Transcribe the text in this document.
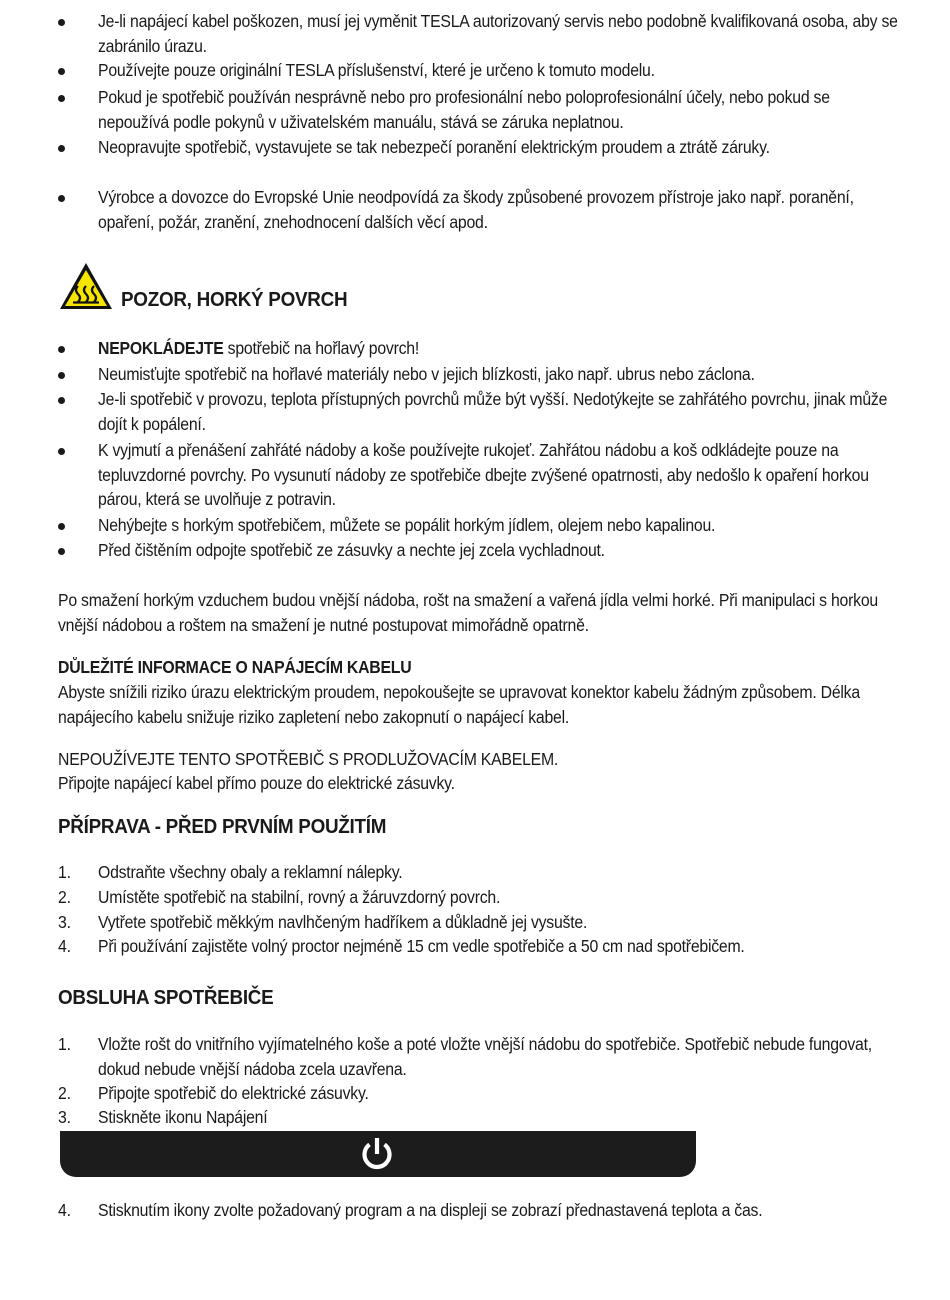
Je-li napájecí kabel poškozen, musí jej vyměnit TESLA autorizovaný servis nebo podobně kvalifikovaná osoba, aby se zabránilo úrazu.
Používejte pouze originální TESLA příslušenství, které je určeno k tomuto modelu.
Pokud je spotřebič používán nesprávně nebo pro profesionální nebo poloprofesionální účely, nebo pokud se nepoužívá podle pokynů v uživatelském manuálu, stává se záruka neplatnou.
Neopravujte spotřebič, vystavujete se tak nebezpečí poranění elektrickým proudem a ztrátě záruky.
Výrobce a dovozce do Evropské Unie neodpovídá za škody způsobené provozem přístroje jako např. poranění, opaření, požár, zranění, znehodnocení dalších věcí apod.
POZOR, HORKÝ POVRCH
NEPOKLÁDEJTE spotřebič na hořlavý povrch!
Neumisťujte spotřebič na hořlavé materiály nebo v jejich blízkosti, jako např. ubrus nebo záclona.
Je-li spotřebič v provozu, teplota přístupných povrchů může být vyšší. Nedotýkejte se zahřátého povrchu, jinak může dojít k popálení.
K vyjmutí a přenášení zahřáté nádoby a koše používejte rukojeť. Zahřátou nádobu a koš odkládejte pouze na tepluvzdorné povrchy. Po vysunutí nádoby ze spotřebiče dbejte zvýšené opatrnosti, aby nedošlo k opaření horkou párou, která se uvolňuje z potravin.
Nehýbejte s horkým spotřebičem, můžete se popálit horkým jídlem, olejem nebo kapalinou.
Před čištěním odpojte spotřebič ze zásuvky a nechte jej zcela vychladnout.
Po smažení horkým vzduchem budou vnější nádoba, rošt na smažení a vařená jídla velmi horké. Při manipulaci s horkou vnější nádobou a roštem na smažení je nutné postupovat mimořádně opatrně.
DŮLEŽITÉ INFORMACE O NAPÁJECÍM KABELU
Abyste snížili riziko úrazu elektrickým proudem, nepokoušejte se upravovat konektor kabelu žádným způsobem. Délka napájecího kabelu snižuje riziko zapletení nebo zakopnutí o napájecí kabel.
NEPOUŽÍVEJTE TENTO SPOTŘEBIČ S PRODLUŽOVACÍM KABELEM.
Připojte napájecí kabel přímo pouze do elektrické zásuvky.
PŘÍPRAVA - PŘED PRVNÍM POUŽITÍM
1.	Odstraňte všechny obaly a reklamní nálepky.
2.	Umístěte spotřebič na stabilní, rovný a žáruvzdorný povrch.
3.	Vytřete spotřebič měkkým navlhčeným hadříkem a důkladně jej vysušte.
4.	Při používání zajistěte volný proctor nejméně 15 cm vedle spotřebiče a 50 cm nad spotřebičem.
OBSLUHA SPOTŘEBIČE
1.	Vložte rošt do vnitřního vyjímatelného koše a poté vložte vnější nádobu do spotřebiče. Spotřebič nebude fungovat, dokud nebude vnější nádoba zcela uzavřena.
2.	Připojte spotřebič do elektrické zásuvky.
3.	Stiskněte ikonu Napájení
4.	Stisknutím ikony zvolte požadovaný program a na displeji se zobrazí přednastavená teplota a čas.
